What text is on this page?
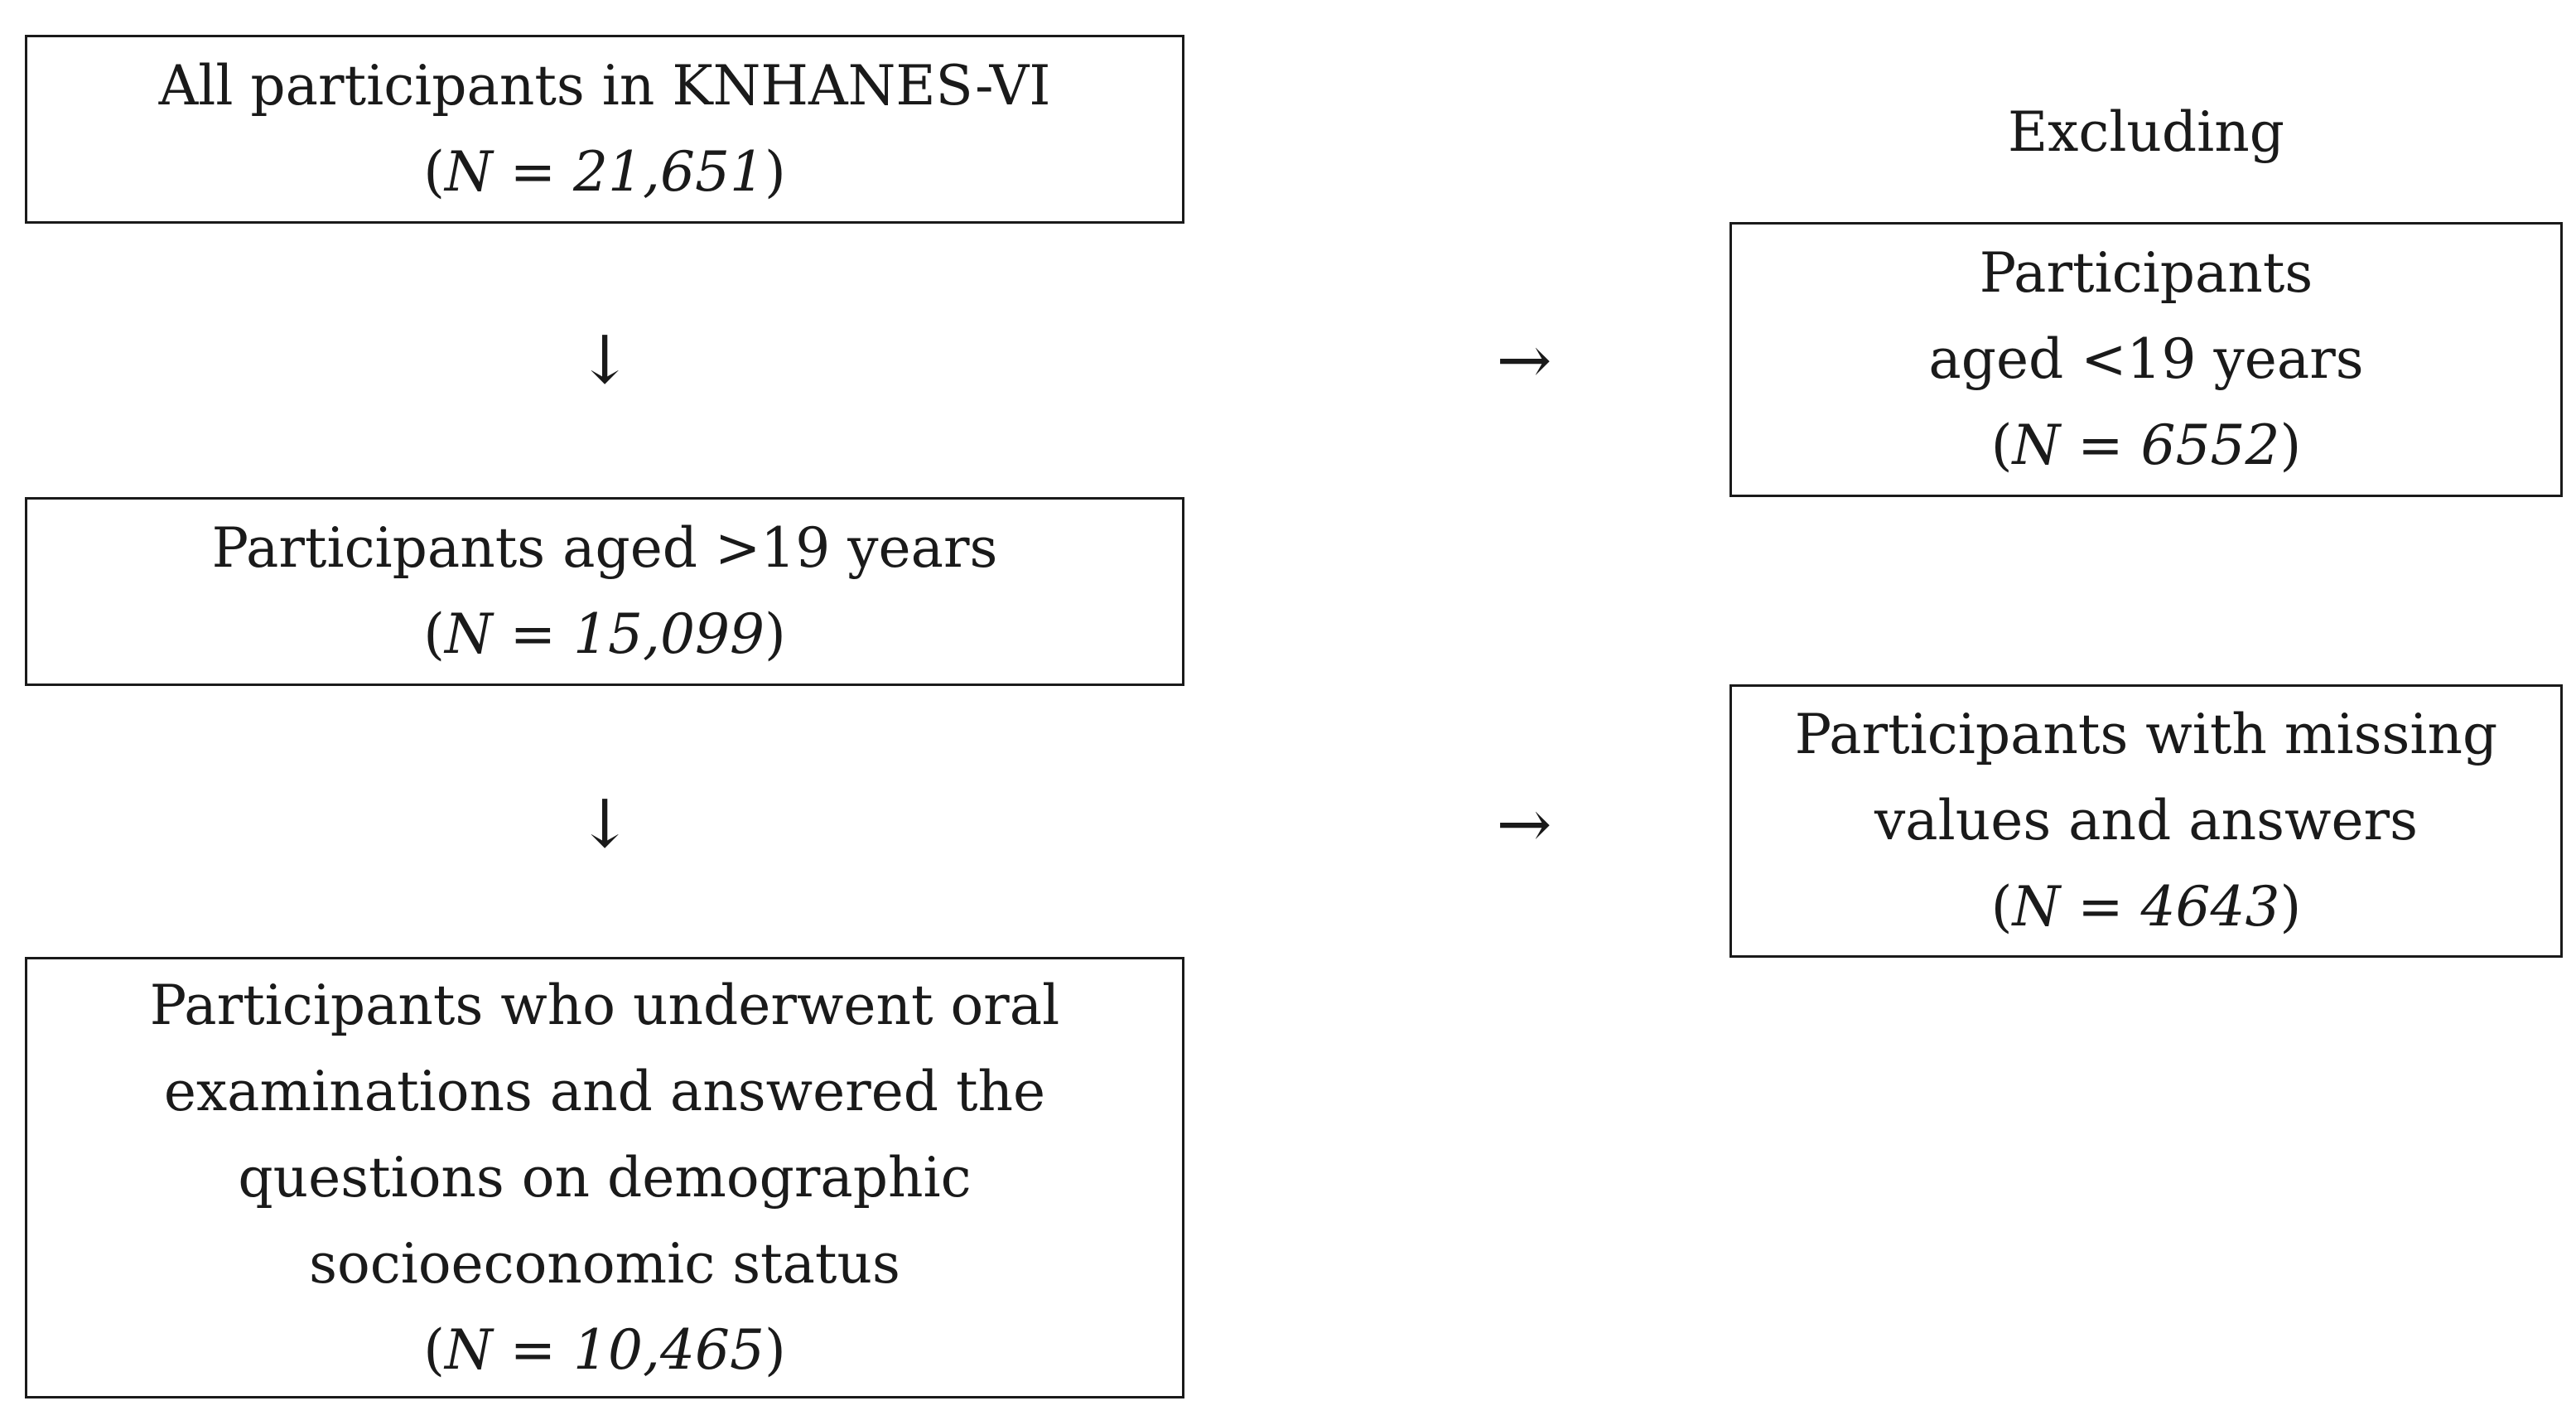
All participants in KNHANES-VI
(N = 21,651)
↓
Participants aged >19 years
(N = 15,099)
↓
Participants who underwent oral
examinations and answered the
questions on demographic
socioeconomic status
(N = 10,465)
Excluding
→
Participants
aged <19 years
(N = 6552)
→
Participants with missing
values and answers
(N = 4643)
